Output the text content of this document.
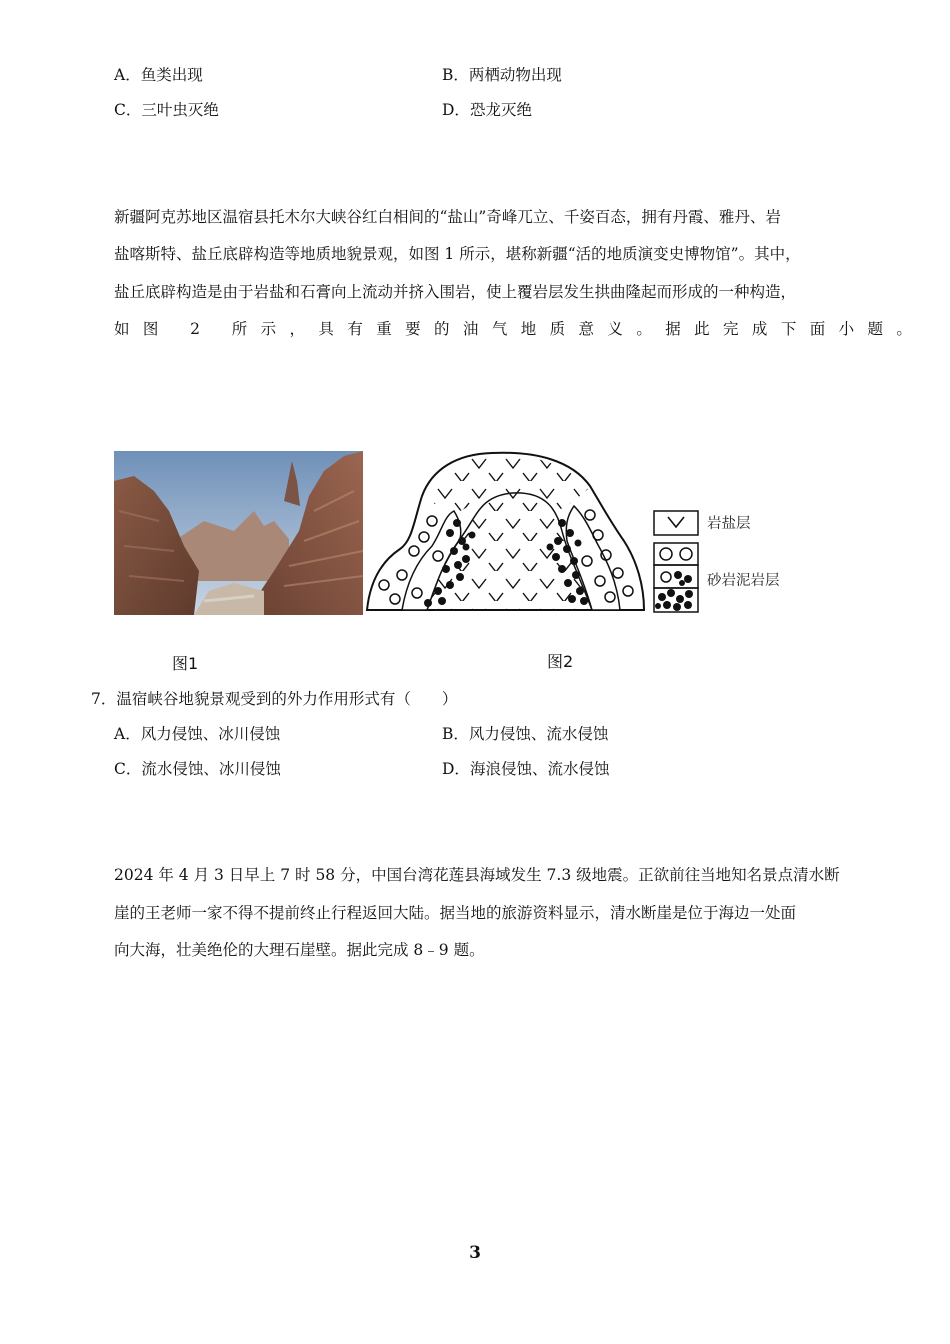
A．鱼类出现	B．两栖动物出现
C．三叶虫灭绝	D．恐龙灭绝
新疆阿克苏地区温宿县托木尔大峡谷红白相间的“盐山”奇峰兀立、千姿百态，拥有丹霞、雅丹、岩
盐喀斯特、盐丘底辟构造等地质地貌景观，如图 1 所示，堪称新疆“活的地质演变史博物馆”。其中，
盐丘底辟构造是由于岩盐和石膏向上流动并挤入围岩，使上覆岩层发生拱曲隆起而形成的一种构造，
如图 2 所示，具有重要的油气地质意义。据此完成下面小题。
岩盐层
砂岩泥岩层
图1	图2
7．温宿峡谷地貌景观受到的外力作用形式有（　　）
A．风力侵蚀、冰川侵蚀	B．风力侵蚀、流水侵蚀
C．流水侵蚀、冰川侵蚀	D．海浪侵蚀、流水侵蚀
2024 年 4 月 3 日早上 7 时 58 分，中国台湾花莲县海域发生 7.3 级地震。正欲前往当地知名景点清水断
崖的王老师一家不得不提前终止行程返回大陆。据当地的旅游资料显示，清水断崖是位于海边一处面
向大海，壮美绝伦的大理石崖壁。据此完成 8﹣9 题。
3
